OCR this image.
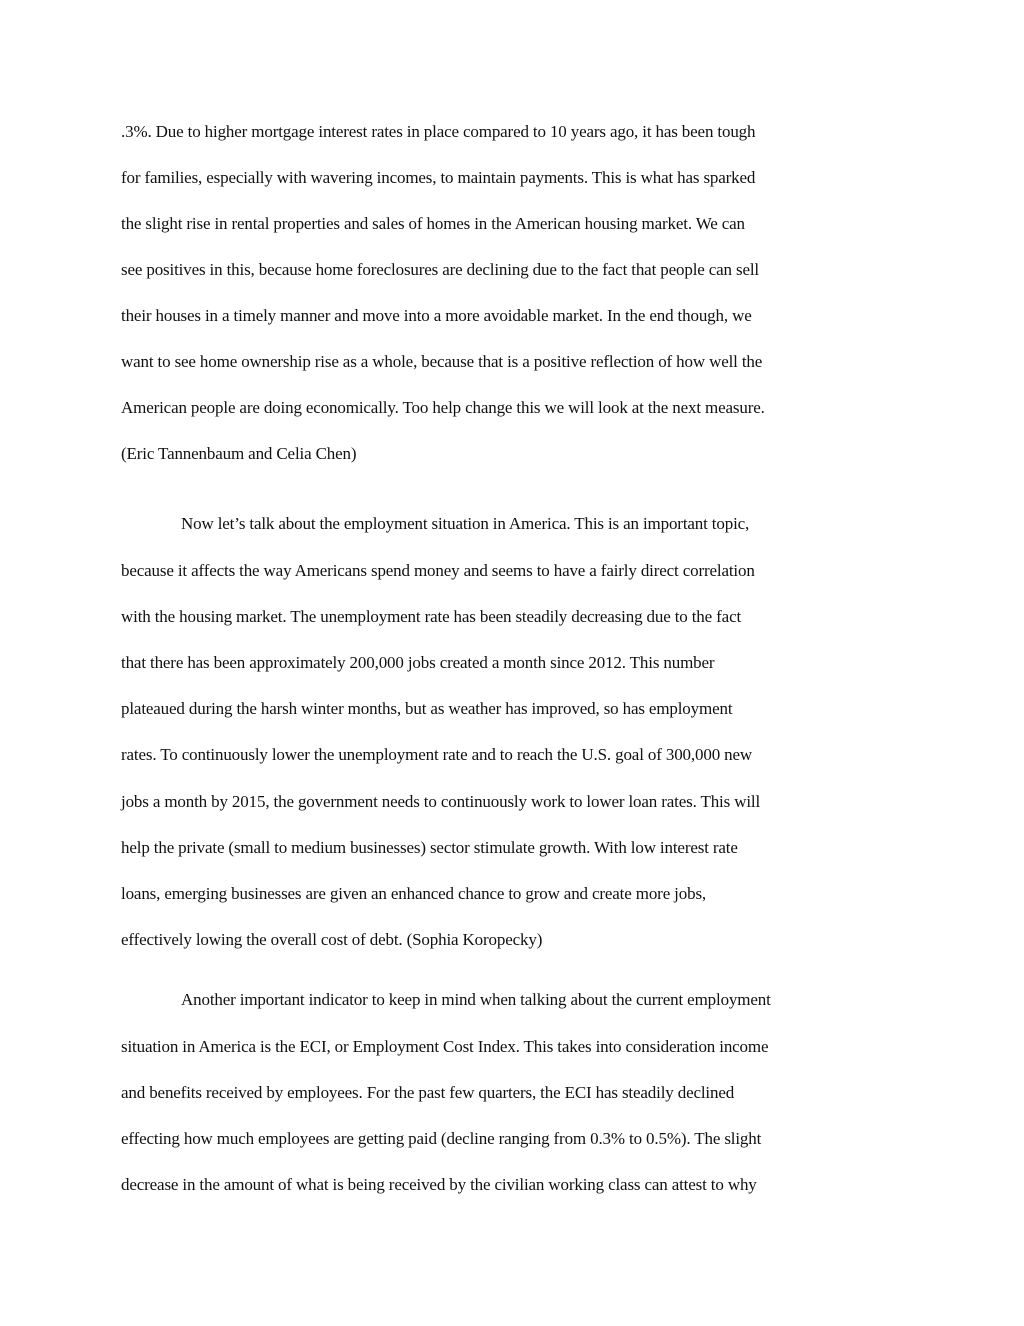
.3%. Due to higher mortgage interest rates in place compared to 10 years ago, it has been tough
for families, especially with wavering incomes, to maintain payments. This is what has sparked
the slight rise in rental properties and sales of homes in the American housing market. We can
see positives in this, because home foreclosures are declining due to the fact that people can sell
their houses in a timely manner and move into a more avoidable market. In the end though, we
want to see home ownership rise as a whole, because that is a positive reflection of how well the
American people are doing economically. Too help change this we will look at the next measure.
(Eric Tannenbaum and Celia Chen)
Now let’s talk about the employment situation in America. This is an important topic,
because it affects the way Americans spend money and seems to have a fairly direct correlation
with the housing market. The unemployment rate has been steadily decreasing due to the fact
that there has been approximately 200,000 jobs created a month since 2012. This number
plateaued during the harsh winter months, but as weather has improved, so has employment
rates. To continuously lower the unemployment rate and to reach the U.S. goal of 300,000 new
jobs a month by 2015, the government needs to continuously work to lower loan rates. This will
help the private (small to medium businesses) sector stimulate growth. With low interest rate
loans, emerging businesses are given an enhanced chance to grow and create more jobs,
effectively lowing the overall cost of debt. (Sophia Koropecky)
Another important indicator to keep in mind when talking about the current employment
situation in America is the ECI, or Employment Cost Index. This takes into consideration income
and benefits received by employees. For the past few quarters, the ECI has steadily declined
effecting how much employees are getting paid (decline ranging from 0.3% to 0.5%). The slight
decrease in the amount of what is being received by the civilian working class can attest to why
